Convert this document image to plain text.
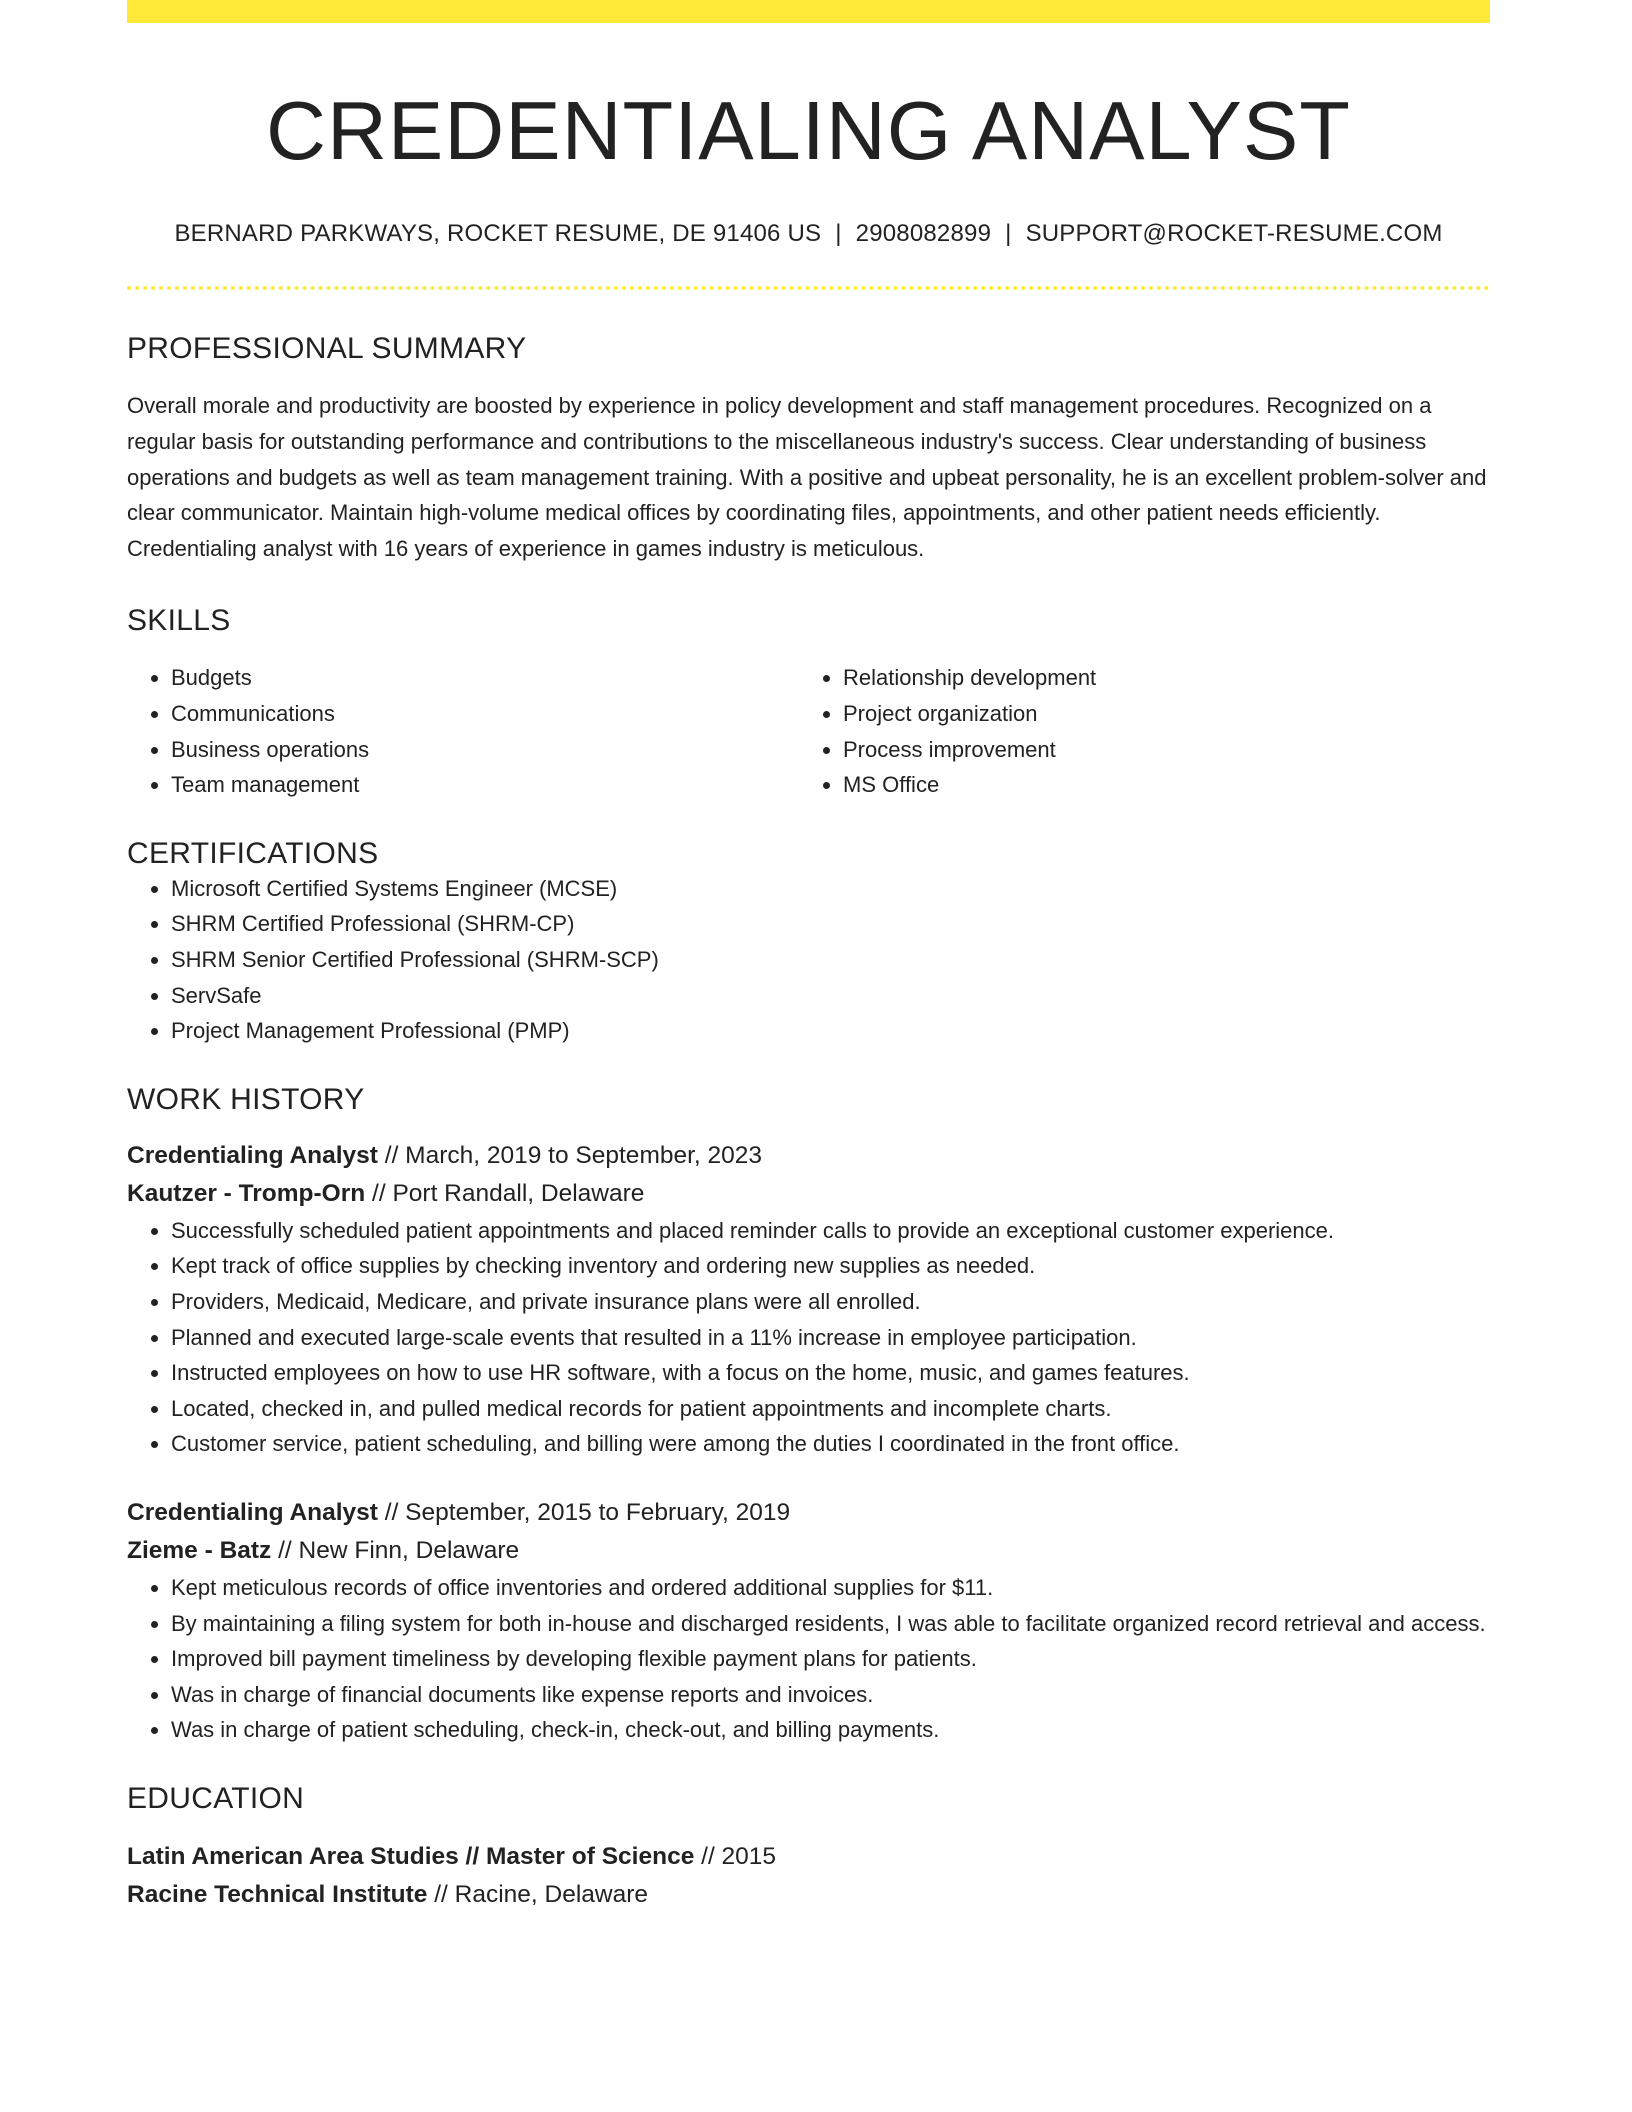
CREDENTIALING ANALYST
BERNARD PARKWAYS, ROCKET RESUME, DE 91406 US | 2908082899 | SUPPORT@ROCKET-RESUME.COM
PROFESSIONAL SUMMARY
Overall morale and productivity are boosted by experience in policy development and staff management procedures. Recognized on a regular basis for outstanding performance and contributions to the miscellaneous industry's success. Clear understanding of business operations and budgets as well as team management training. With a positive and upbeat personality, he is an excellent problem-solver and clear communicator. Maintain high-volume medical offices by coordinating files, appointments, and other patient needs efficiently. Credentialing analyst with 16 years of experience in games industry is meticulous.
SKILLS
• Budgets
• Communications
• Business operations
• Team management
• Relationship development
• Project organization
• Process improvement
• MS Office
CERTIFICATIONS
• Microsoft Certified Systems Engineer (MCSE)
• SHRM Certified Professional (SHRM-CP)
• SHRM Senior Certified Professional (SHRM-SCP)
• ServSafe
• Project Management Professional (PMP)
WORK HISTORY
Credentialing Analyst // March, 2019 to September, 2023
Kautzer - Tromp-Orn // Port Randall, Delaware
• Successfully scheduled patient appointments and placed reminder calls to provide an exceptional customer experience.
• Kept track of office supplies by checking inventory and ordering new supplies as needed.
• Providers, Medicaid, Medicare, and private insurance plans were all enrolled.
• Planned and executed large-scale events that resulted in a 11% increase in employee participation.
• Instructed employees on how to use HR software, with a focus on the home, music, and games features.
• Located, checked in, and pulled medical records for patient appointments and incomplete charts.
• Customer service, patient scheduling, and billing were among the duties I coordinated in the front office.
Credentialing Analyst // September, 2015 to February, 2019
Zieme - Batz // New Finn, Delaware
• Kept meticulous records of office inventories and ordered additional supplies for $11.
• By maintaining a filing system for both in-house and discharged residents, I was able to facilitate organized record retrieval and access.
• Improved bill payment timeliness by developing flexible payment plans for patients.
• Was in charge of financial documents like expense reports and invoices.
• Was in charge of patient scheduling, check-in, check-out, and billing payments.
EDUCATION
Latin American Area Studies // Master of Science // 2015
Racine Technical Institute // Racine, Delaware
